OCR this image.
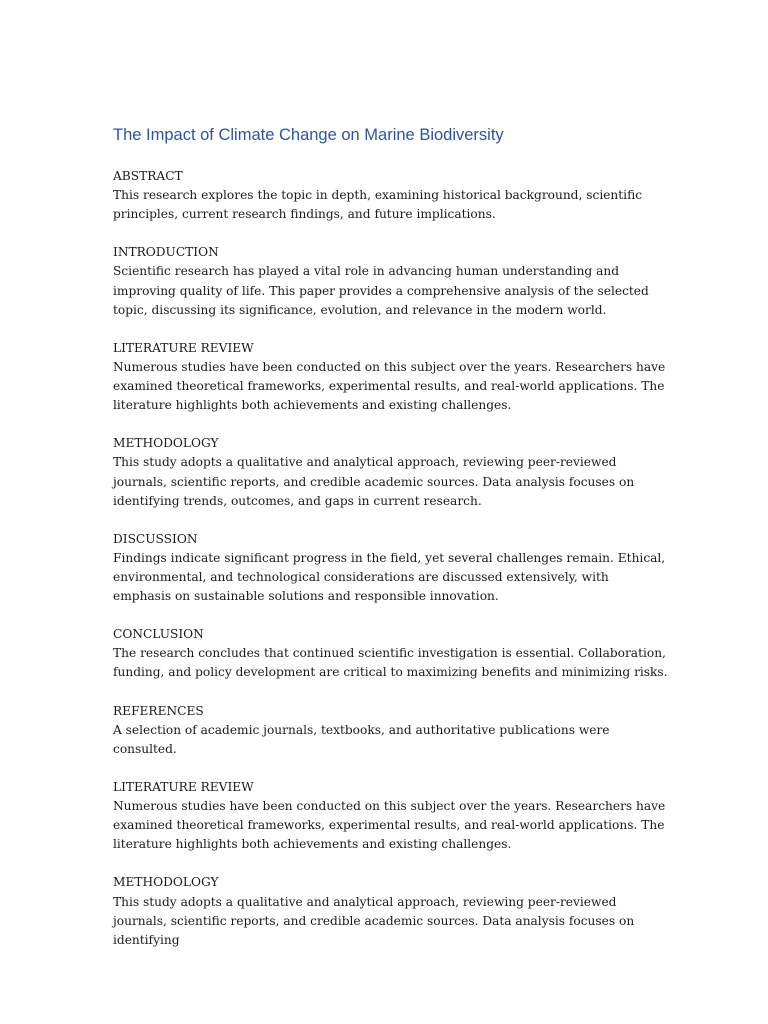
The Impact of Climate Change on Marine Biodiversity

ABSTRACT

This research explores the topic in depth, examining historical background, scientific principles, current research findings, and future implications.

INTRODUCTION

Scientific research has played a vital role in advancing human understanding and improving quality of life. This paper provides a comprehensive analysis of the selected topic, discussing its significance, evolution, and relevance in the modern world.

LITERATURE REVIEW

Numerous studies have been conducted on this subject over the years. Researchers have examined theoretical frameworks, experimental results, and real-world applications. The literature highlights both achievements and existing challenges.

METHODOLOGY

This study adopts a qualitative and analytical approach, reviewing peer-reviewed journals, scientific reports, and credible academic sources. Data analysis focuses on identifying trends, outcomes, and gaps in current research.

DISCUSSION

Findings indicate significant progress in the field, yet several challenges remain. Ethical, environmental, and technological considerations are discussed extensively, with emphasis on sustainable solutions and responsible innovation.

CONCLUSION

The research concludes that continued scientific investigation is essential. Collaboration, funding, and policy development are critical to maximizing benefits and minimizing risks.

REFERENCES

A selection of academic journals, textbooks, and authoritative publications were consulted.

LITERATURE REVIEW

Numerous studies have been conducted on this subject over the years. Researchers have examined theoretical frameworks, experimental results, and real-world applications. The literature highlights both achievements and existing challenges.

METHODOLOGY

This study adopts a qualitative and analytical approach, reviewing peer-reviewed journals, scientific reports, and credible academic sources. Data analysis focuses on identifying
